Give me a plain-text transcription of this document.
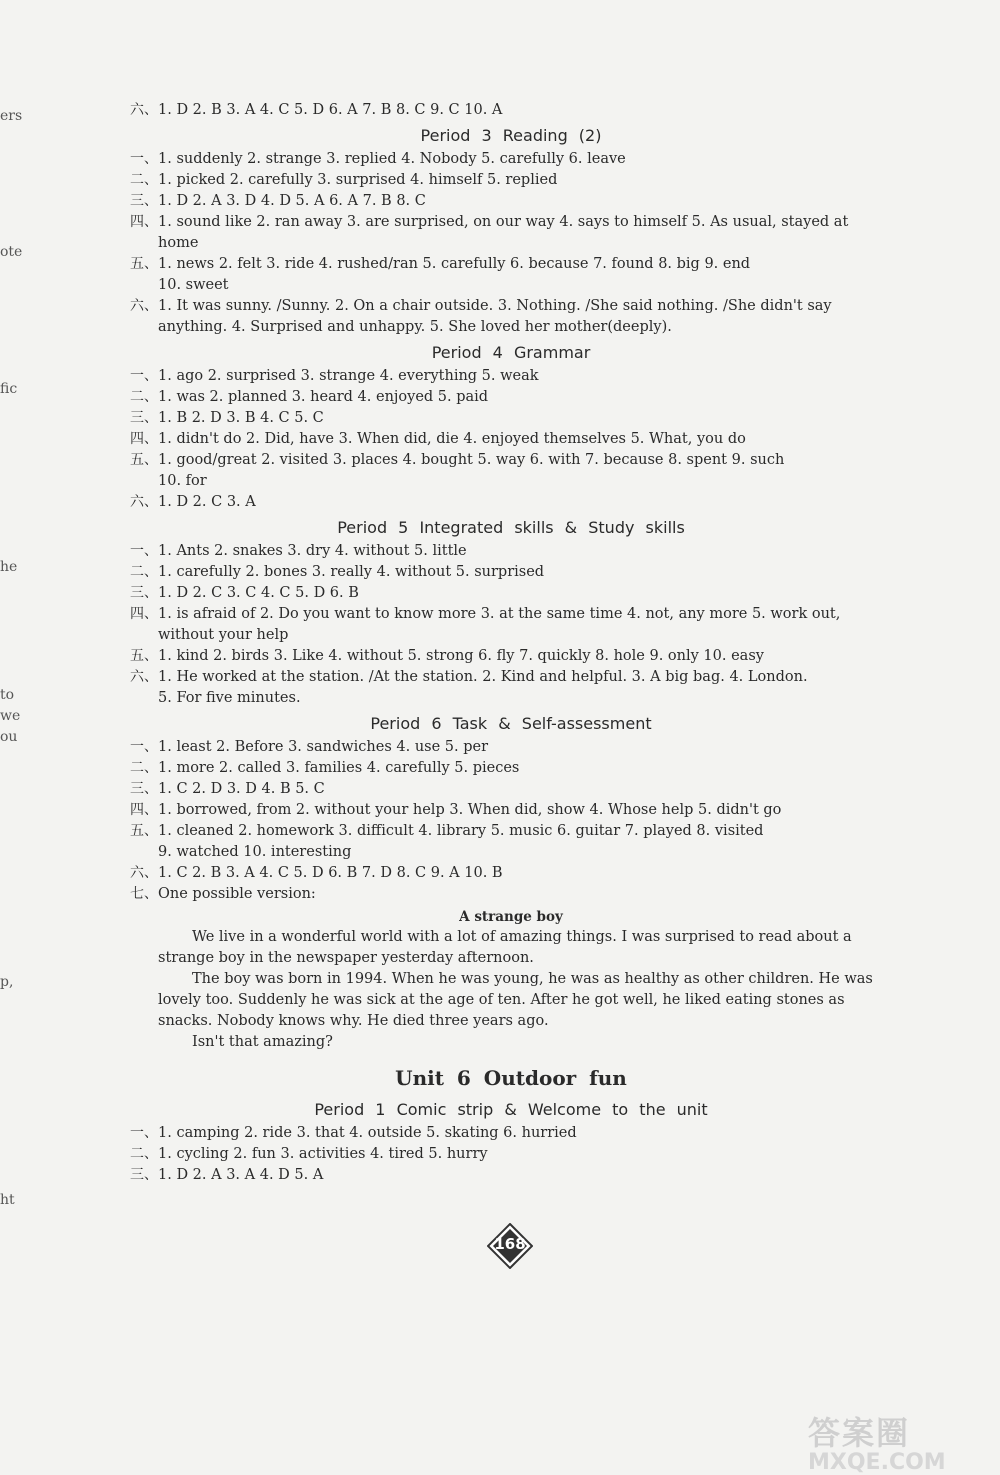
ers
ote
fic
he
to
we
ou
p,
ht
六、 1. D 2. B 3. A 4. C 5. D 6. A 7. B 8. C 9. C 10. A
Period 3 Reading (2)
一、 1. suddenly 2. strange 3. replied 4. Nobody 5. carefully 6. leave
二、 1. picked 2. carefully 3. surprised 4. himself 5. replied
三、 1. D 2. A 3. D 4. D 5. A 6. A 7. B 8. C
四、 1. sound like 2. ran away 3. are surprised, on our way 4. says to himself 5. As usual, stayed at
home
五、 1. news 2. felt 3. ride 4. rushed/ran 5. carefully 6. because 7. found 8. big 9. end
10. sweet
六、 1. It was sunny. /Sunny. 2. On a chair outside. 3. Nothing. /She said nothing. /She didn't say
anything. 4. Surprised and unhappy. 5. She loved her mother(deeply).
Period 4 Grammar
一、 1. ago 2. surprised 3. strange 4. everything 5. weak
二、 1. was 2. planned 3. heard 4. enjoyed 5. paid
三、 1. B 2. D 3. B 4. C 5. C
四、 1. didn't do 2. Did, have 3. When did, die 4. enjoyed themselves 5. What, you do
五、 1. good/great 2. visited 3. places 4. bought 5. way 6. with 7. because 8. spent 9. such
10. for
六、 1. D 2. C 3. A
Period 5 Integrated skills & Study skills
一、 1. Ants 2. snakes 3. dry 4. without 5. little
二、 1. carefully 2. bones 3. really 4. without 5. surprised
三、 1. D 2. C 3. C 4. C 5. D 6. B
四、 1. is afraid of 2. Do you want to know more 3. at the same time 4. not, any more 5. work out,
without your help
五、 1. kind 2. birds 3. Like 4. without 5. strong 6. fly 7. quickly 8. hole 9. only 10. easy
六、 1. He worked at the station. /At the station. 2. Kind and helpful. 3. A big bag. 4. London.
5. For five minutes.
Period 6 Task & Self-assessment
一、 1. least 2. Before 3. sandwiches 4. use 5. per
二、 1. more 2. called 3. families 4. carefully 5. pieces
三、 1. C 2. D 3. D 4. B 5. C
四、 1. borrowed, from 2. without your help 3. When did, show 4. Whose help 5. didn't go
五、 1. cleaned 2. homework 3. difficult 4. library 5. music 6. guitar 7. played 8. visited
9. watched 10. interesting
六、 1. C 2. B 3. A 4. C 5. D 6. B 7. D 8. C 9. A 10. B
七、 One possible version:
A strange boy
We live in a wonderful world with a lot of amazing things. I was surprised to read about a strange boy in the newspaper yesterday afternoon.
The boy was born in 1994. When he was young, he was as healthy as other children. He was lovely too. Suddenly he was sick at the age of ten. After he got well, he liked eating stones as snacks. Nobody knows why. He died three years ago.
Isn't that amazing?
Unit 6 Outdoor fun
Period 1 Comic strip & Welcome to the unit
一、 1. camping 2. ride 3. that 4. outside 5. skating 6. hurried
二、 1. cycling 2. fun 3. activities 4. tired 5. hurry
三、 1. D 2. A 3. A 4. D 5. A
168
答案圈
MXQE.COM
